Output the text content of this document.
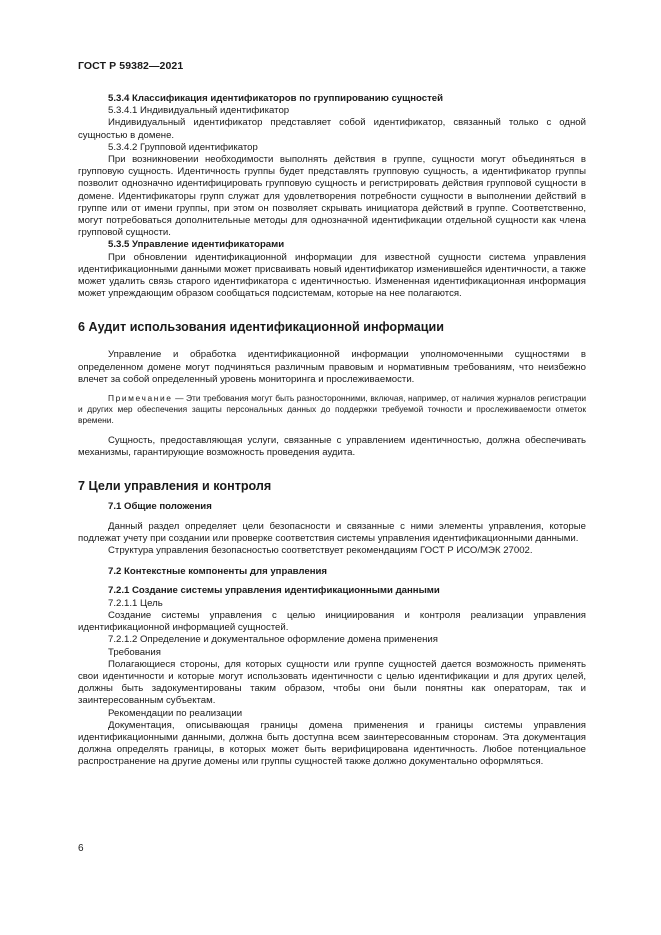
ГОСТ Р 59382—2021

5.3.4 Классификация идентификаторов по группированию сущностей

5.3.4.1 Индивидуальный идентификатор

Индивидуальный идентификатор представляет собой идентификатор, связанный только с одной сущностью в домене.

5.3.4.2 Групповой идентификатор

При возникновении необходимости выполнять действия в группе, сущности могут объединяться в групповую сущность. Идентичность группы будет представлять групповую сущность, а идентификатор группы позволит однозначно идентифицировать групповую сущность и регистрировать действия групповой сущности в домене. Идентификаторы групп служат для удовлетворения потребности сущности в выполнении действий в группе или от имени группы, при этом он позволяет скрывать инициатора действий в группе. Соответственно, могут потребоваться дополнительные методы для однозначной идентификации отдельной сущности как члена групповой сущности.

5.3.5 Управление идентификаторами

При обновлении идентификационной информации для известной сущности система управления идентификационными данными может присваивать новый идентификатор изменившейся идентичности, а также может удалить связь старого идентификатора с идентичностью. Измененная идентификационная информация может упреждающим образом сообщаться подсистемам, которые на нее полагаются.

6 Аудит использования идентификационной информации

Управление и обработка идентификационной информации уполномоченными сущностями в определенном домене могут подчиняться различным правовым и нормативным требованиям, что неизбежно влечет за собой определенный уровень мониторинга и прослеживаемости.

Примечание — Эти требования могут быть разносторонними, включая, например, от наличия журналов регистрации и других мер обеспечения защиты персональных данных до поддержки требуемой точности и прослеживаемости отметок времени.

Сущность, предоставляющая услуги, связанные с управлением идентичностью, должна обеспечивать механизмы, гарантирующие возможность проведения аудита.

7 Цели управления и контроля

7.1 Общие положения

Данный раздел определяет цели безопасности и связанные с ними элементы управления, которые подлежат учету при создании или проверке соответствия системы управления идентификационными данными.

Структура управления безопасностью соответствует рекомендациям ГОСТ Р ИСО/МЭК 27002.

7.2 Контекстные компоненты для управления

7.2.1 Создание системы управления идентификационными данными

7.2.1.1 Цель

Создание системы управления с целью инициирования и контроля реализации управления идентификационной информацией сущностей.

7.2.1.2 Определение и документальное оформление домена применения

Требования

Полагающиеся стороны, для которых сущности или группе сущностей дается возможность применять свои идентичности и которые могут использовать идентичности с целью идентификации и для других целей, должны быть задокументированы таким образом, чтобы они были понятны как операторам, так и заинтересованным субъектам.

Рекомендации по реализации

Документация, описывающая границы домена применения и границы системы управления идентификационными данными, должна быть доступна всем заинтересованным сторонам. Эта документация должна определять границы, в которых может быть верифицирована идентичность. Любое потенциальное распространение на другие домены или группы сущностей также должно документально оформляться.

6
